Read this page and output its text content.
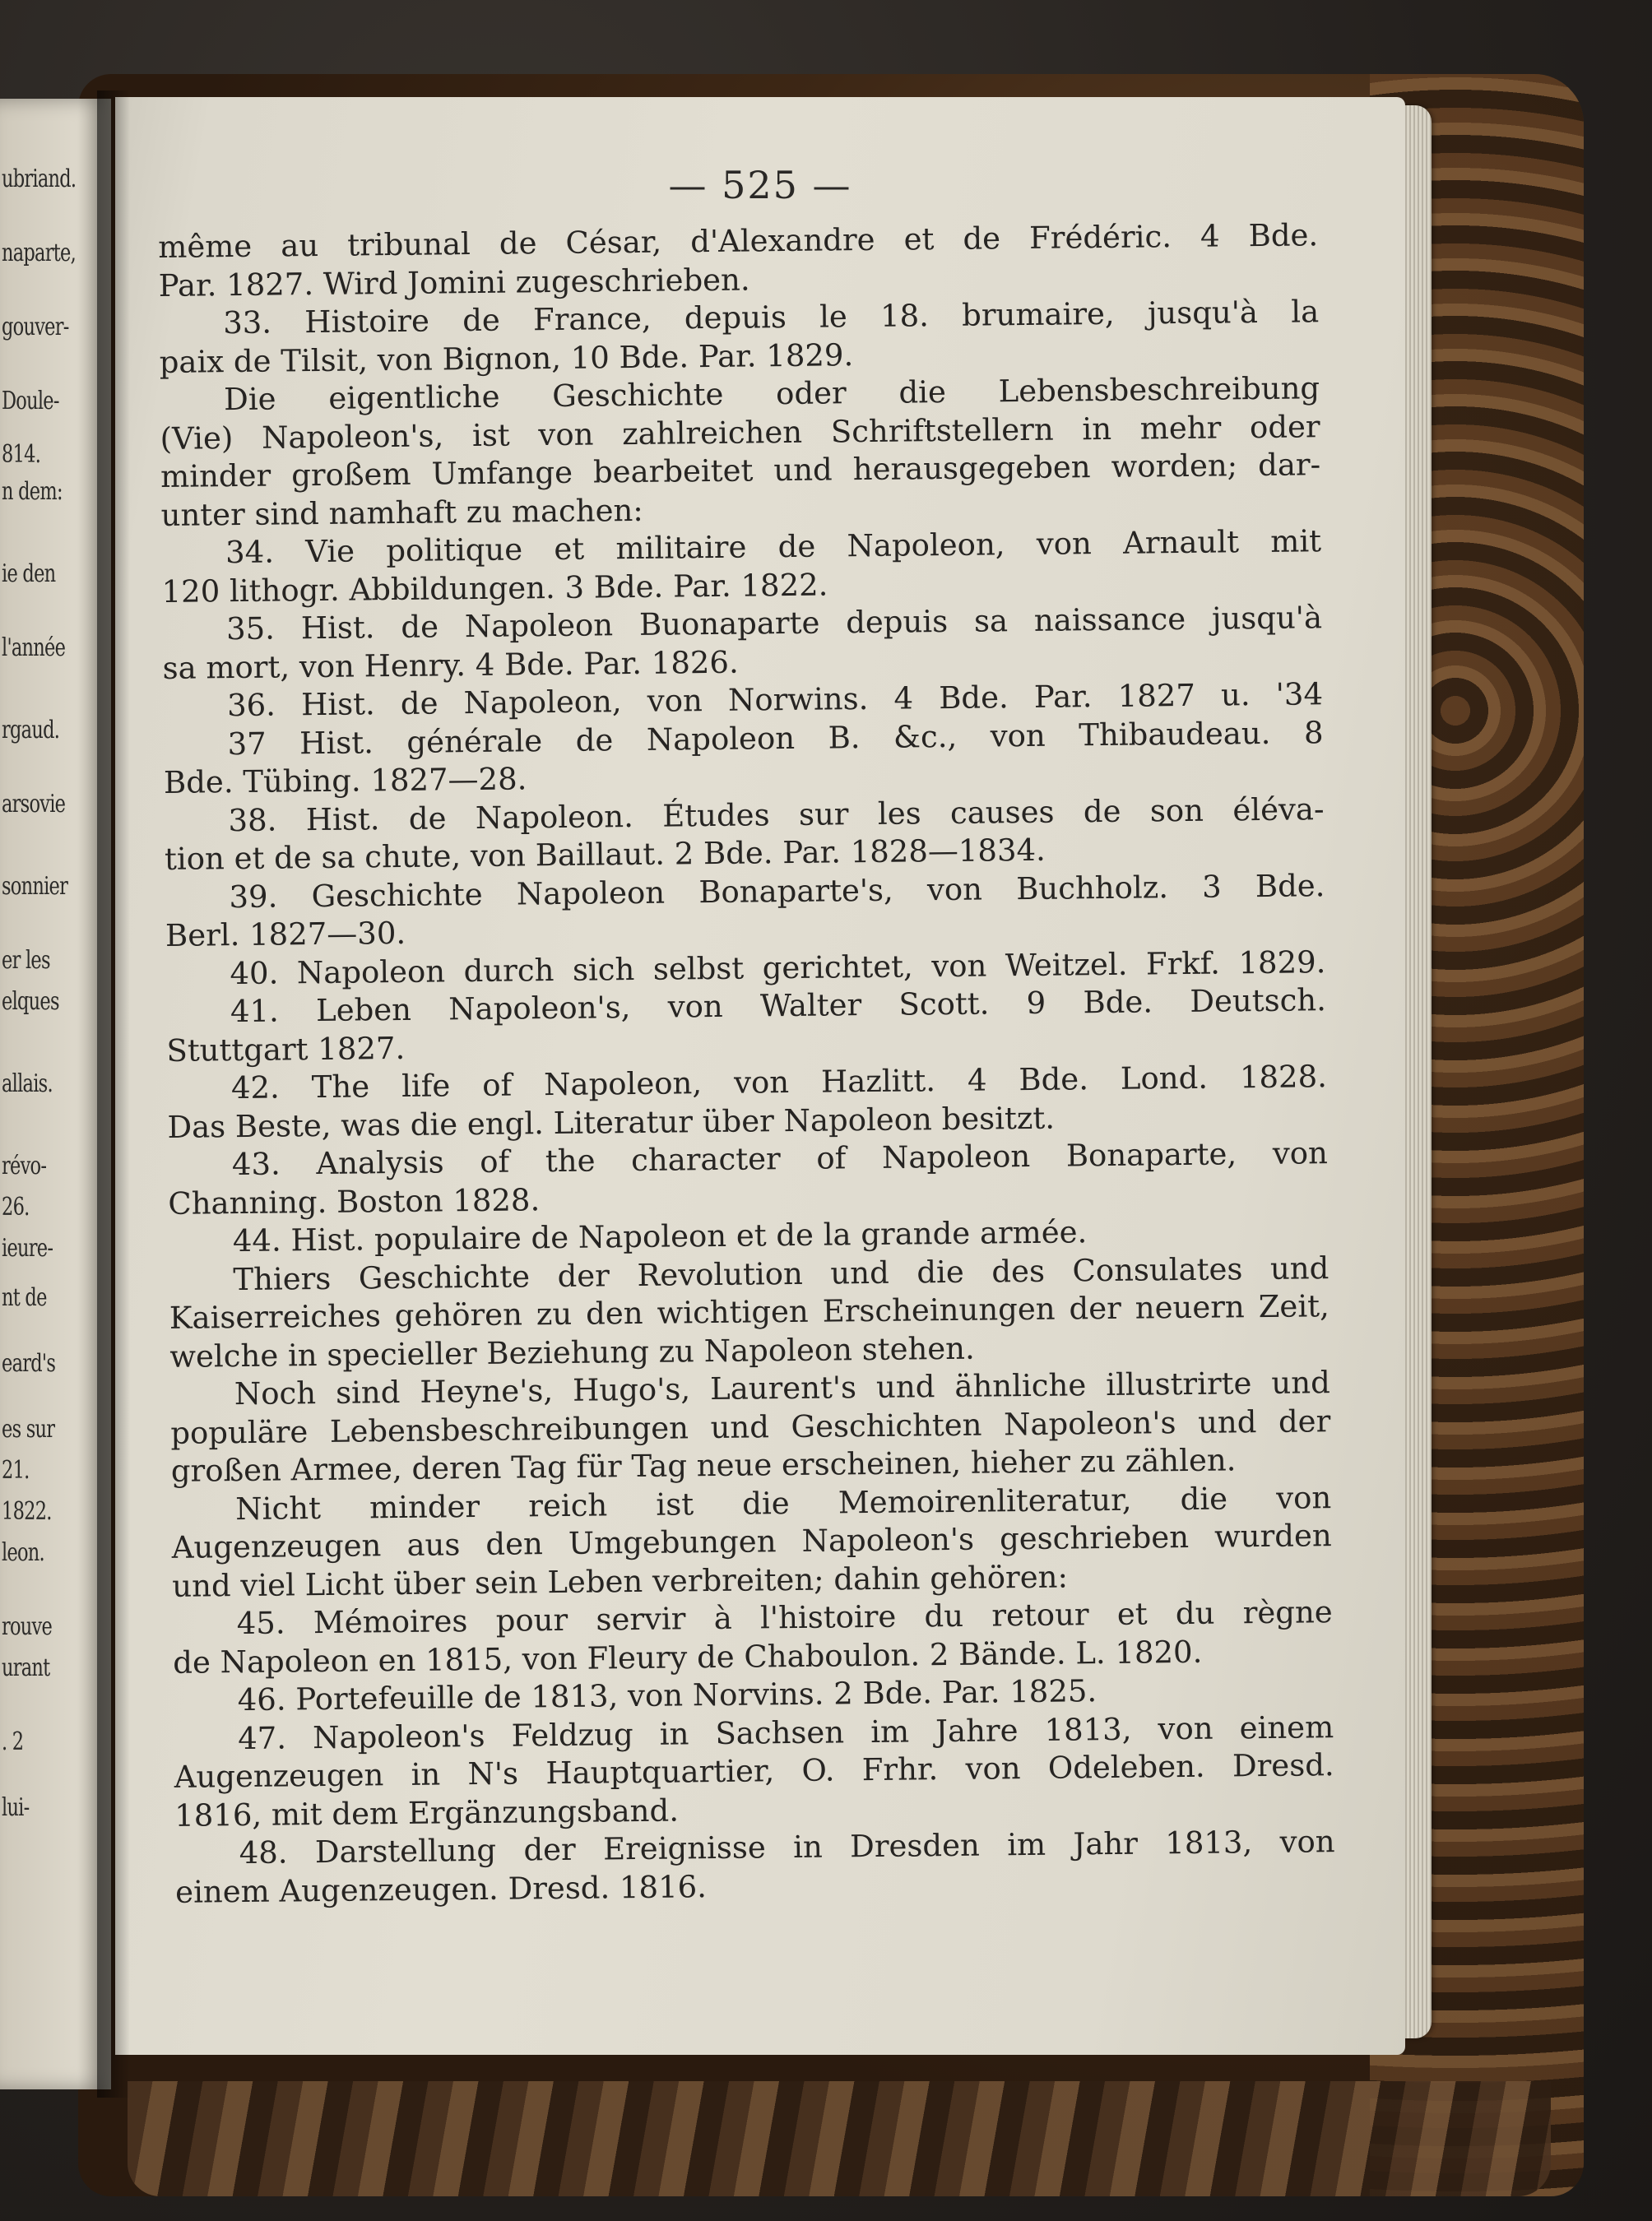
ubriand.
naparte,
gouver-
Doule-
814.
n dem:
ie den
l'année
rgaud.
arsovie
sonnier
er les
elques
allais.
révo-
26.
ieure-
nt de
eard's
es sur
21.
1822.
leon.
rouve
urant
. 2
lui-
— 525 —
même au tribunal de César, d'Alexandre et de Frédéric. 4 Bde.
Par. 1827. Wird Jomini zugeschrieben.
33. Histoire de France, depuis le 18. brumaire, jusqu'à la
paix de Tilsit, von Bignon, 10 Bde. Par. 1829.
Die eigentliche Geschichte oder die Lebensbeschreibung
(Vie) Napoleon's, ist von zahlreichen Schriftstellern in mehr oder
minder großem Umfange bearbeitet und herausgegeben worden; dar-
unter sind namhaft zu machen:
34. Vie politique et militaire de Napoleon, von Arnault mit
120 lithogr. Abbildungen. 3 Bde. Par. 1822.
35. Hist. de Napoleon Buonaparte depuis sa naissance jusqu'à
sa mort, von Henry. 4 Bde. Par. 1826.
36. Hist. de Napoleon, von Norwins. 4 Bde. Par. 1827 u. '34
37 Hist. générale de Napoleon B. &c., von Thibaudeau. 8
Bde. Tübing. 1827—28.
38. Hist. de Napoleon. Études sur les causes de son éléva-
tion et de sa chute, von Baillaut. 2 Bde. Par. 1828—1834.
39. Geschichte Napoleon Bonaparte's, von Buchholz. 3 Bde.
Berl. 1827—30.
40. Napoleon durch sich selbst gerichtet, von Weitzel. Frkf. 1829.
41. Leben Napoleon's, von Walter Scott. 9 Bde. Deutsch.
Stuttgart 1827.
42. The life of Napoleon, von Hazlitt. 4 Bde. Lond. 1828.
Das Beste, was die engl. Literatur über Napoleon besitzt.
43. Analysis of the character of Napoleon Bonaparte, von
Channing. Boston 1828.
44. Hist. populaire de Napoleon et de la grande armée.
Thiers Geschichte der Revolution und die des Consulates und
Kaiserreiches gehören zu den wichtigen Erscheinungen der neuern Zeit,
welche in specieller Beziehung zu Napoleon stehen.
Noch sind Heyne's, Hugo's, Laurent's und ähnliche illustrirte und
populäre Lebensbeschreibungen und Geschichten Napoleon's und der
großen Armee, deren Tag für Tag neue erscheinen, hieher zu zählen.
Nicht minder reich ist die Memoirenliteratur, die von
Augenzeugen aus den Umgebungen Napoleon's geschrieben wurden
und viel Licht über sein Leben verbreiten; dahin gehören:
45. Mémoires pour servir à l'histoire du retour et du règne
de Napoleon en 1815, von Fleury de Chaboulon. 2 Bände. L. 1820.
46. Portefeuille de 1813, von Norvins. 2 Bde. Par. 1825.
47. Napoleon's Feldzug in Sachsen im Jahre 1813, von einem
Augenzeugen in N's Hauptquartier, O. Frhr. von Odeleben. Dresd.
1816, mit dem Ergänzungsband.
48. Darstellung der Ereignisse in Dresden im Jahr 1813, von
einem Augenzeugen. Dresd. 1816.
